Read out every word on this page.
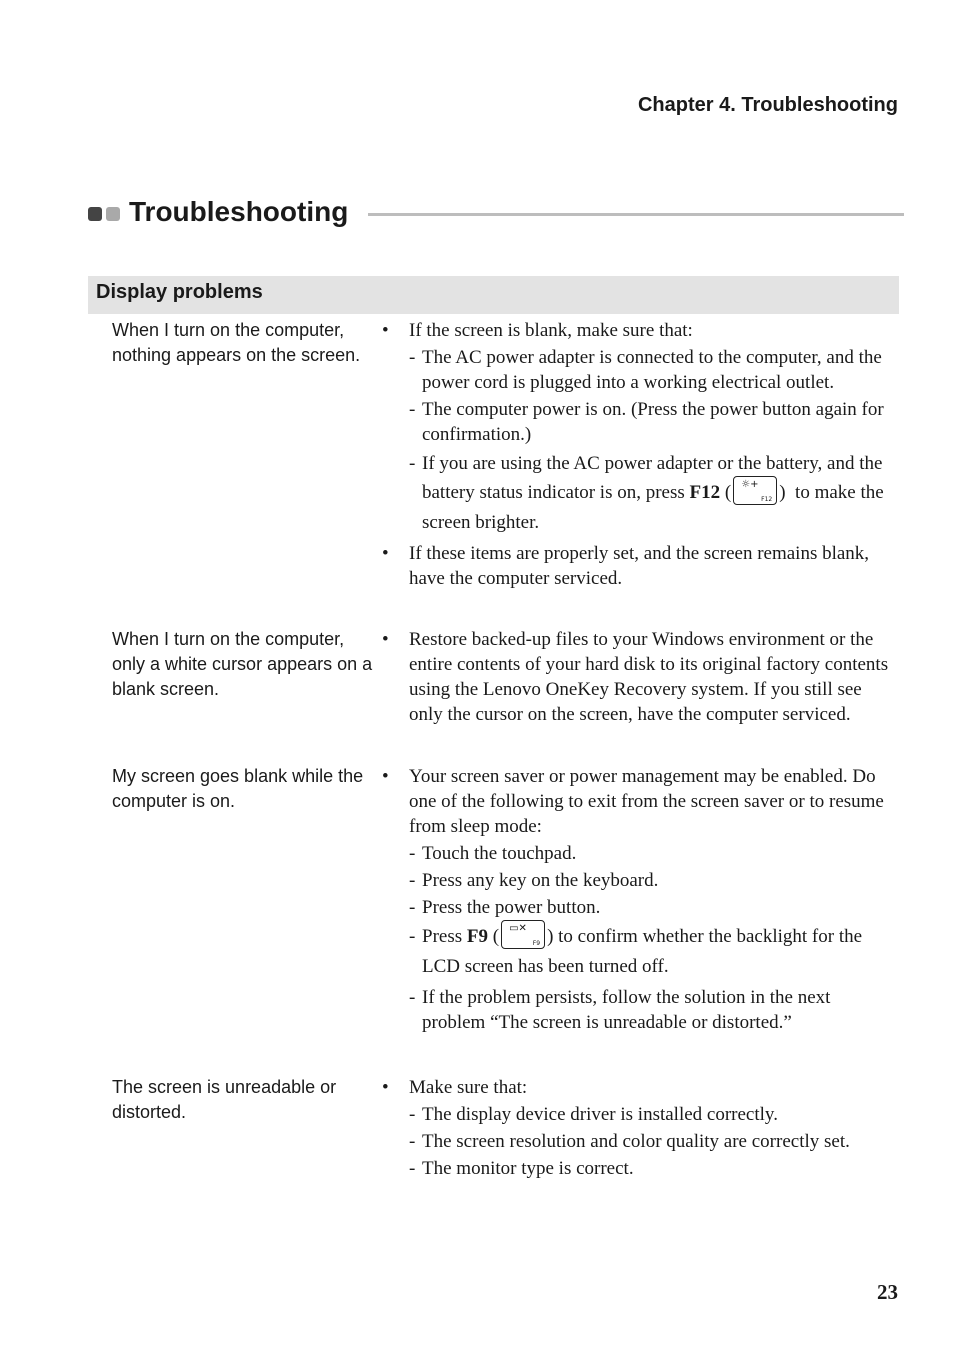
Chapter 4. Troubleshooting
Troubleshooting
Display problems
When I turn on the computer, nothing appears on the screen.
• If the screen is blank, make sure that:
- The AC power adapter is connected to the computer, and the power cord is plugged into a working electrical outlet.
- The computer power is on. (Press the power button again for confirmation.)
- If you are using the AC power adapter or the battery, and the battery status indicator is on, press F12 ( ☼+
F12 )  to make the screen brighter.
• If these items are properly set, and the screen remains blank, have the computer serviced.
When I turn on the computer, only a white cursor appears on a blank screen.
• Restore backed-up files to your Windows environment or the entire contents of your hard disk to its original factory contents using the Lenovo OneKey Recovery system. If you still see only the cursor on the screen, have the computer serviced.
My screen goes blank while the computer is on.
• Your screen saver or power management may be enabled. Do one of the following to exit from the screen saver or to resume from sleep mode:
- Touch the touchpad.
- Press any key on the keyboard.
- Press the power button.
- Press F9 ( ▭✕
F9 ) to confirm whether the backlight for the LCD screen has been turned off.
- If the problem persists, follow the solution in the next problem “The screen is unreadable or distorted.”
The screen is unreadable or distorted.
• Make sure that:
- The display device driver is installed correctly.
- The screen resolution and color quality are correctly set.
- The monitor type is correct.
23
